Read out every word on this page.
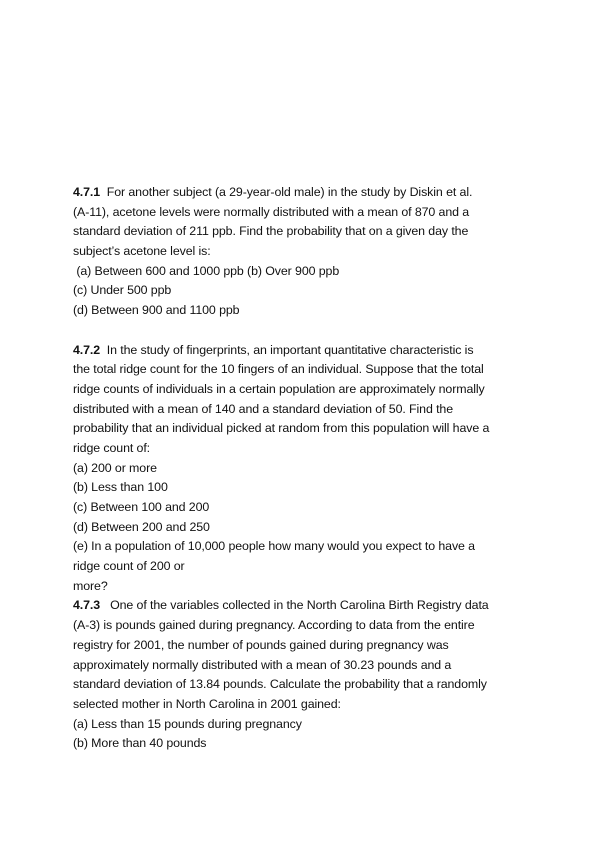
4.7.1 For another subject (a 29-year-old male) in the study by Diskin et al.
(A-11), acetone levels were normally distributed with a mean of 870 and a
standard deviation of 211 ppb. Find the probability that on a given day the
subject’s acetone level is:
(a) Between 600 and 1000 ppb (b) Over 900 ppb
(c) Under 500 ppb
(d) Between 900 and 1100 ppb
4.7.2 In the study of fingerprints, an important quantitative characteristic is
the total ridge count for the 10 fingers of an individual. Suppose that the total
ridge counts of individuals in a certain population are approximately normally
distributed with a mean of 140 and a standard deviation of 50. Find the
probability that an individual picked at random from this population will have a
ridge count of:
(a) 200 or more
(b) Less than 100
(c) Between 100 and 200
(d) Between 200 and 250
(e) In a population of 10,000 people how many would you expect to have a
ridge count of 200 or
more?
4.7.3 One of the variables collected in the North Carolina Birth Registry data
(A-3) is pounds gained during pregnancy. According to data from the entire
registry for 2001, the number of pounds gained during pregnancy was
approximately normally distributed with a mean of 30.23 pounds and a
standard deviation of 13.84 pounds. Calculate the probability that a randomly
selected mother in North Carolina in 2001 gained:
(a) Less than 15 pounds during pregnancy
(b) More than 40 pounds
